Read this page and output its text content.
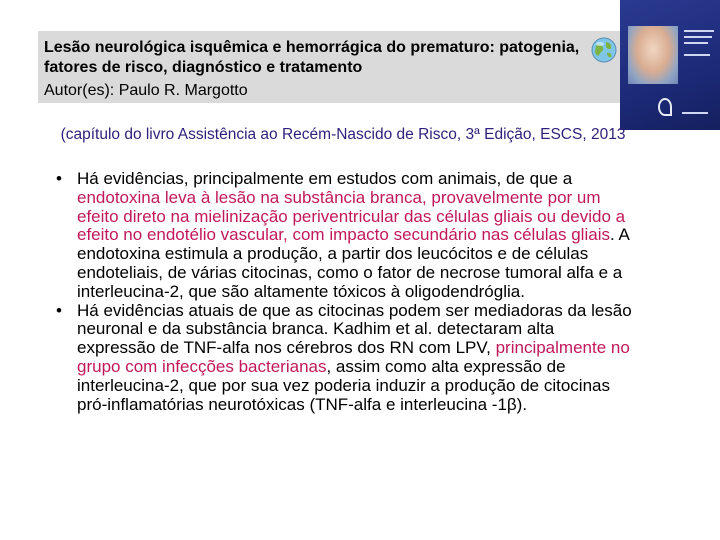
Lesão neurológica isquêmica e hemorrágica do prematuro: patogenia, fatores de risco, diagnóstico e tratamento
Autor(es): Paulo R. Margotto
(capítulo do livro Assistência ao Recém-Nascido de Risco, 3ª Edição, ESCS, 2013
• Há evidências, principalmente em estudos com animais, de que a endotoxina leva à lesão na substância branca, provavelmente por um efeito direto na mielinização periventricular das células gliais ou devido a efeito no endotélio vascular, com impacto secundário nas células gliais. A endotoxina estimula a produção, a partir dos leucócitos e de células endoteliais, de várias citocinas, como o fator de necrose tumoral alfa e a interleucina-2, que são altamente tóxicos à oligodendróglia.
• Há evidências atuais de que as citocinas podem ser mediadoras da lesão neuronal e da substância branca. Kadhim et al. detectaram alta expressão de TNF-alfa nos cérebros dos RN com LPV, principalmente no grupo com infecções bacterianas, assim como alta expressão de interleucina-2, que por sua vez poderia induzir a produção de citocinas pró-inflamatórias neurotóxicas (TNF-alfa e interleucina -1β).
